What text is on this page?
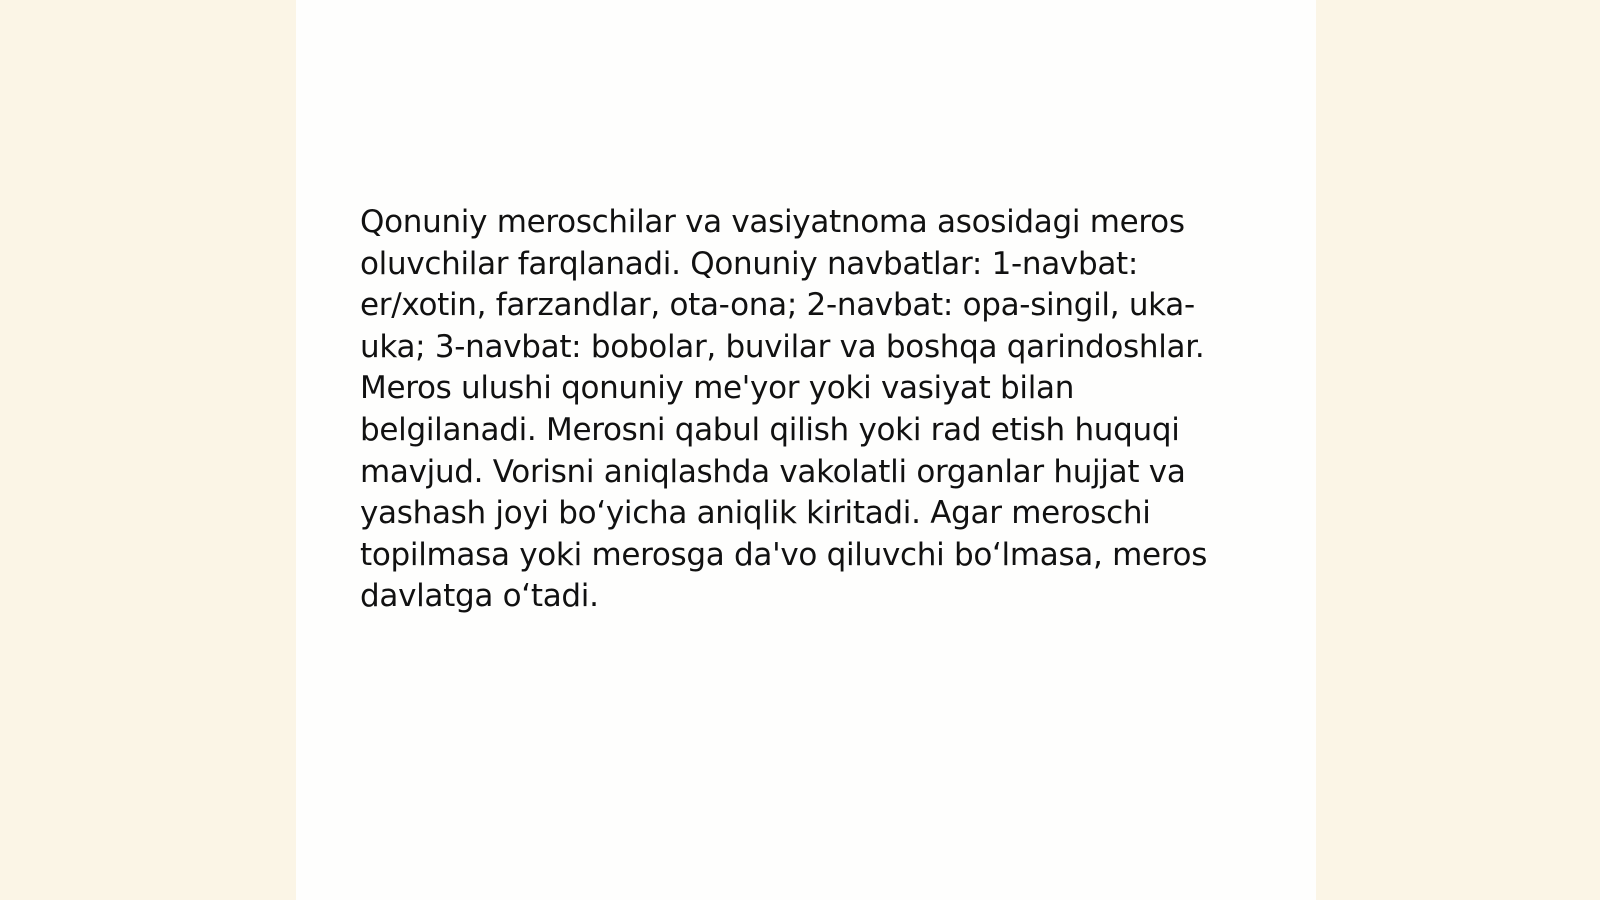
Qonuniy meroschilar va vasiyatnoma asosidagi meros oluvchilar farqlanadi. Qonuniy navbatlar: 1-navbat: er/xotin, farzandlar, ota-ona; 2-navbat: opa-singil, uka-uka; 3-navbat: bobolar, buvilar va boshqa qarindoshlar. Meros ulushi qonuniy me'yor yoki vasiyat bilan belgilanadi. Merosni qabul qilish yoki rad etish huquqi mavjud. Vorisni aniqlashda vakolatli organlar hujjat va yashash joyi bo‘yicha aniqlik kiritadi. Agar meroschi topilmasa yoki merosga da'vo qiluvchi bo‘lmasa, meros davlatga o‘tadi.
